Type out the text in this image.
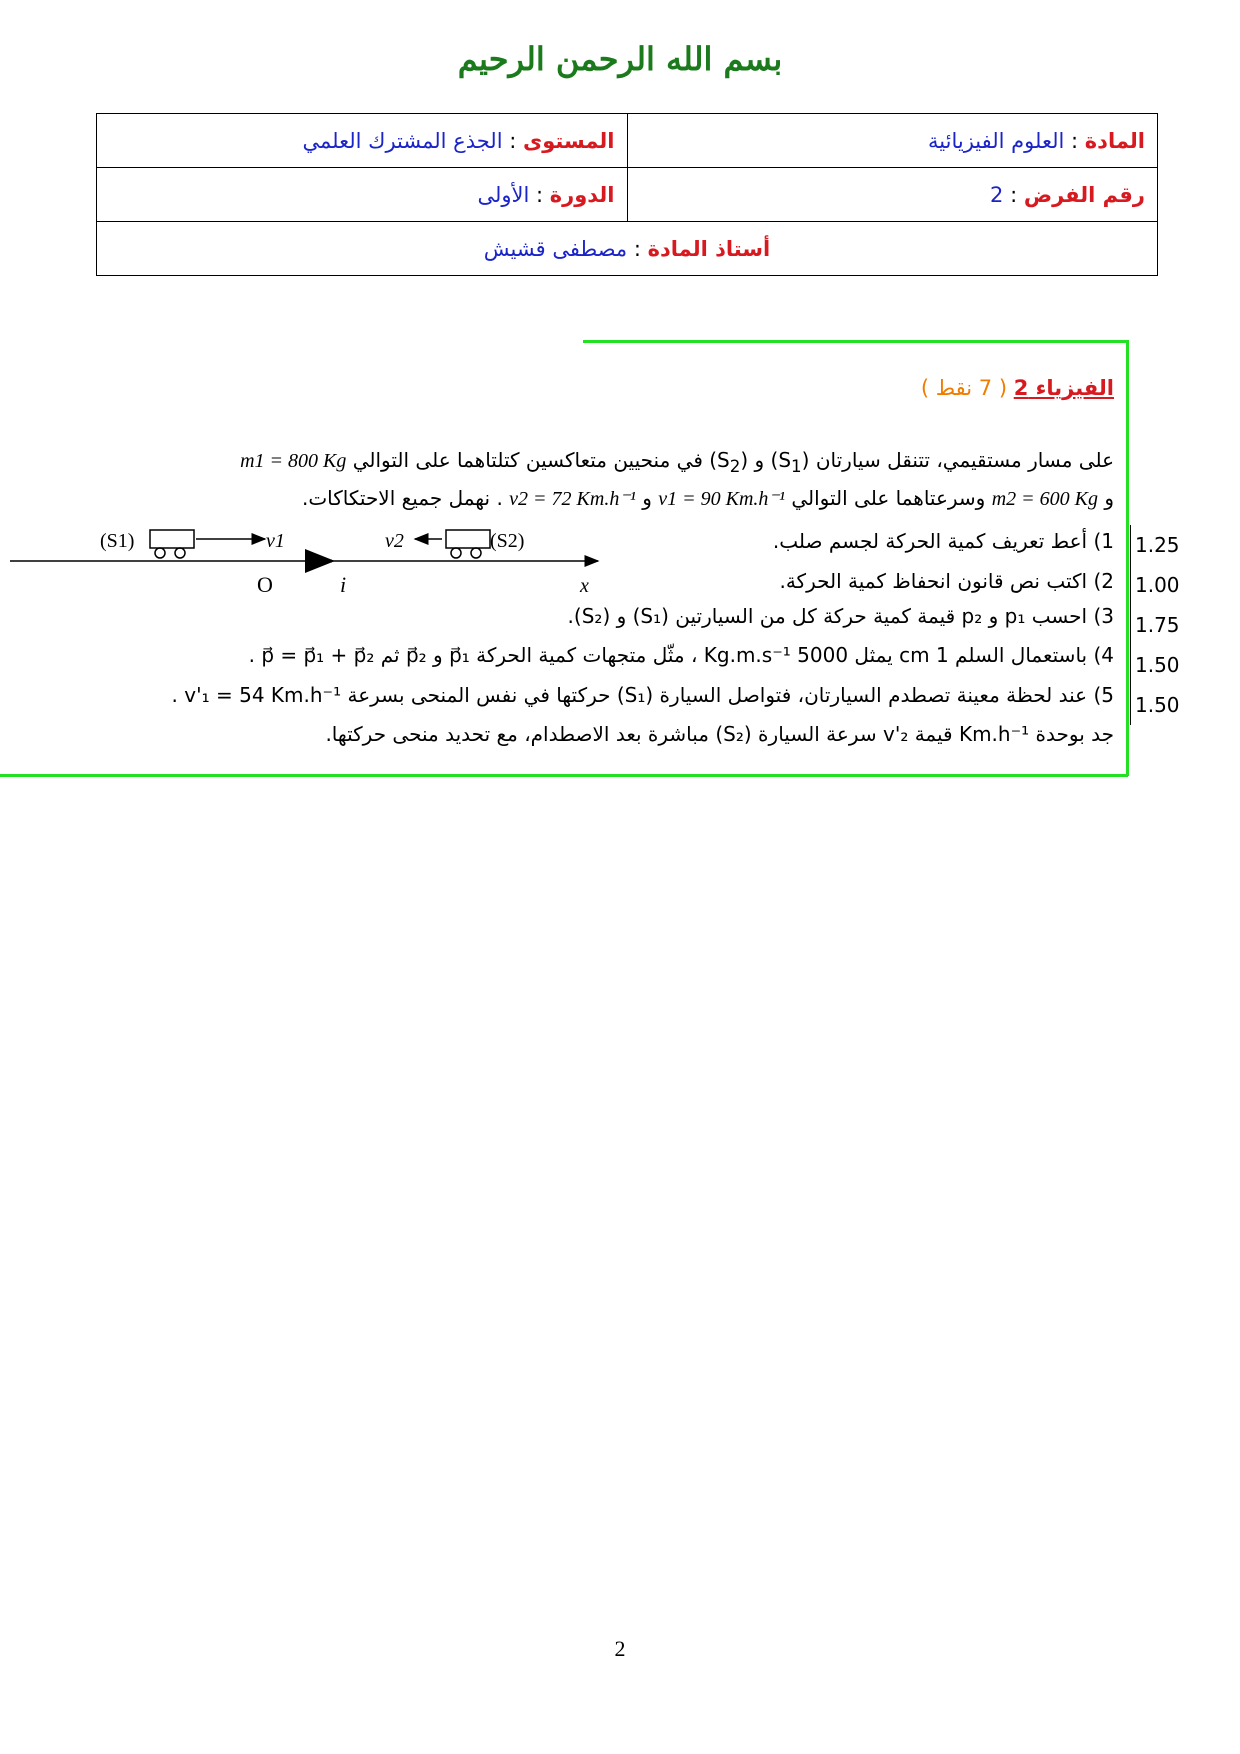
بسم الله الرحمن الرحيم
المادة : العلوم الفيزيائية	المستوى : الجذع المشترك العلمي
رقم الفرض : 2	الدورة : الأولى
أستاذ المادة : مصطفى قشيش	
الفيزياء 2 ( 7 نقط )
على مسار مستقيمي، تتنقل سيارتان $(S_1)$ و $(S_2)$ في منحيين متعاكسين كتلتاهما على التوالي m1 = 800 Kg
و m2 = 600 Kg وسرعتاهما على التوالي v1 = 90 Km.h⁻¹ و v2 = 72 Km.h⁻¹ . نهمل جميع الاحتكاكات.
1) أعط تعريف كمية الحركة لجسم صلب.
2) اكتب نص قانون انحفاظ كمية الحركة.
3) احسب p₁ و p₂ قيمة كمية حركة كل من السيارتين (S₁) و (S₂).
4) باستعمال السلم 1 cm يمثل 5000 Kg.m.s⁻¹ ، مثّل متجهات كمية الحركة p⃗₁ و p⃗₂ ثم p⃗ = p⃗₁ + p⃗₂ .
5) عند لحظة معينة تصطدم السيارتان، فتواصل السيارة (S₁) حركتها في نفس المنحى بسرعة v'₁ = 54 Km.h⁻¹ .
جد بوحدة Km.h⁻¹ قيمة v'₂ سرعة السيارة (S₂) مباشرة بعد الاصطدام، مع تحديد منحى حركتها.
1.25
1.00
1.75
1.50
1.50
(S1)	v1	(S2)
v2
O	i	x
2
